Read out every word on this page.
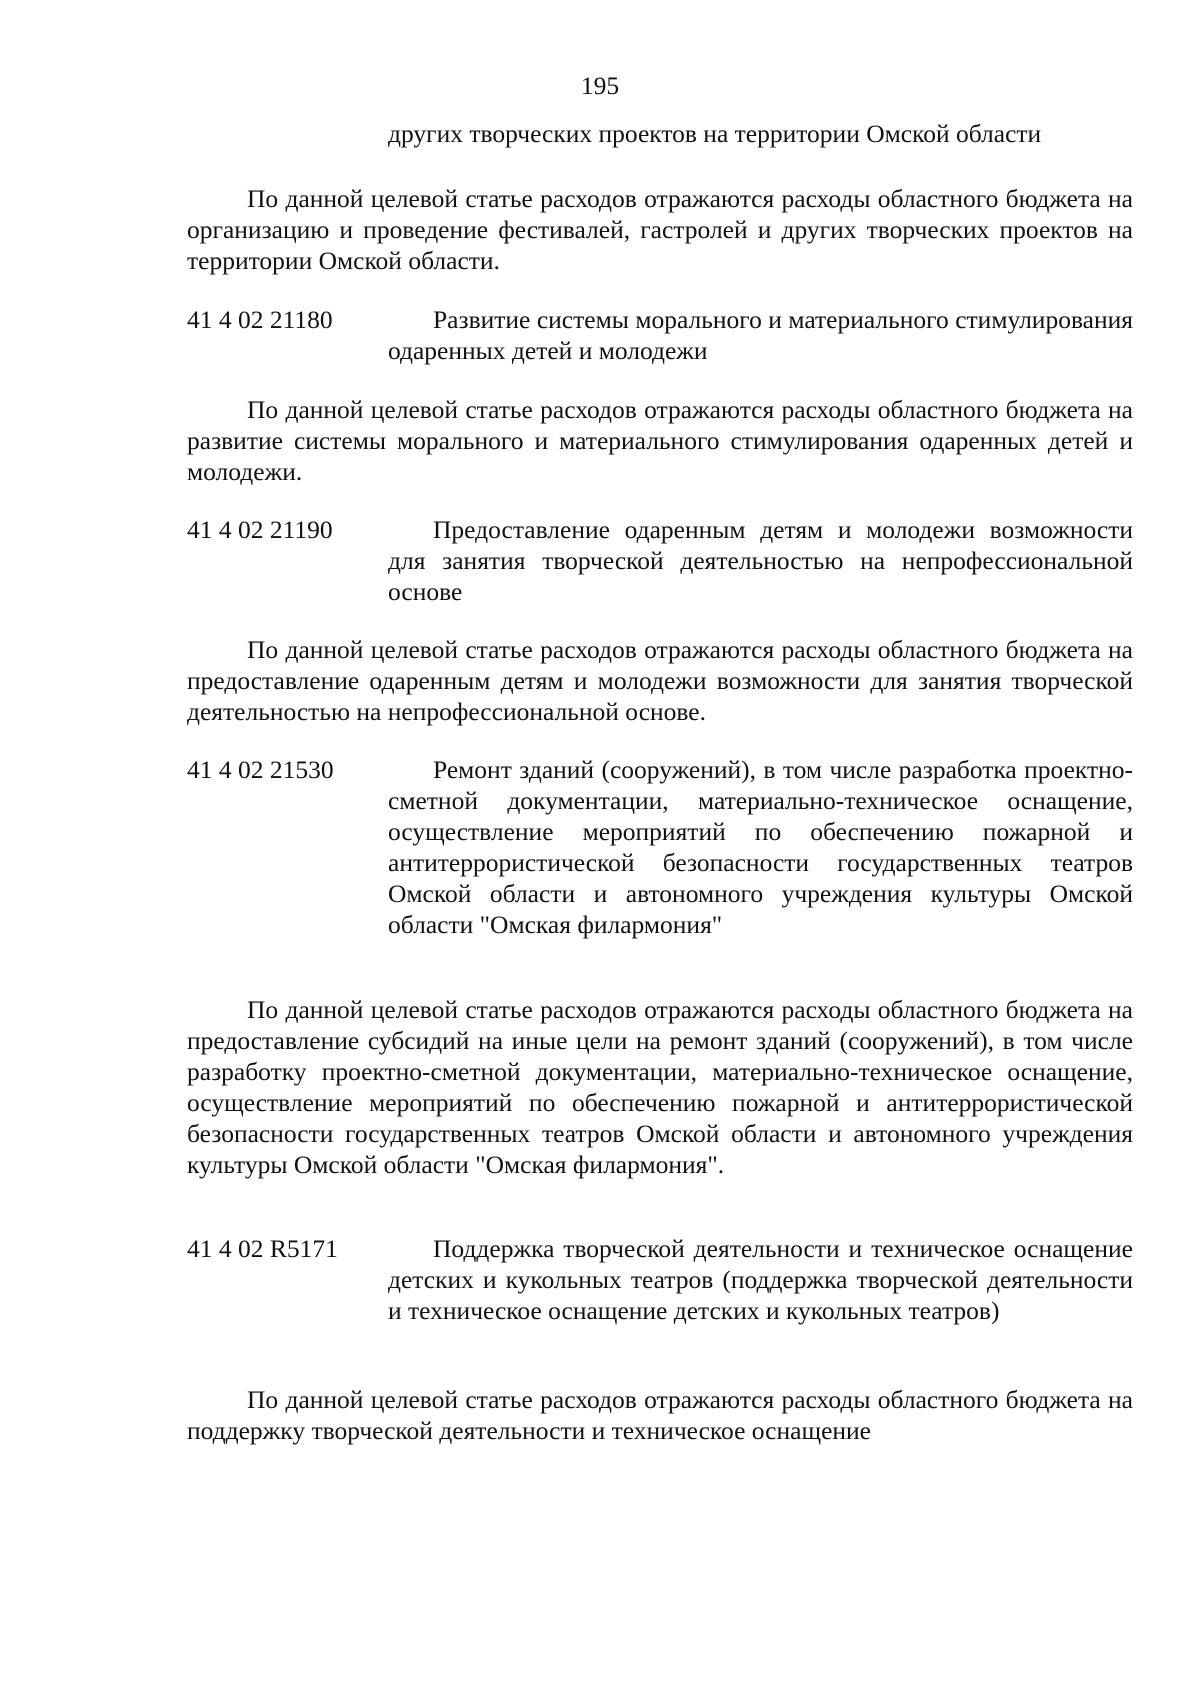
195
других творческих проектов на территории Омской области
По данной целевой статье расходов отражаются расходы областного бюджета на организацию и проведение фестивалей, гастролей и других творческих проектов на территории Омской области.
41 4 02 21180	Развитие системы морального и материального стимулирования одаренных детей и молодежи
По данной целевой статье расходов отражаются расходы областного бюджета на развитие системы морального и материального стимулирования одаренных детей и молодежи.
41 4 02 21190	Предоставление одаренным детям и молодежи возможности для занятия творческой деятельностью на непрофессиональной основе
По данной целевой статье расходов отражаются расходы областного бюджета на предоставление одаренным детям и молодежи возможности для занятия творческой деятельностью на непрофессиональной основе.
41 4 02 21530	Ремонт зданий (сооружений), в том числе разработка проектно-сметной документации, материально-техническое оснащение, осуществление мероприятий по обеспечению пожарной и антитеррористической безопасности государственных театров Омской области и автономного учреждения культуры Омской области "Омская филармония"
По данной целевой статье расходов отражаются расходы областного бюджета на предоставление субсидий на иные цели на ремонт зданий (сооружений), в том числе разработку проектно-сметной документации, материально-техническое оснащение, осуществление мероприятий по обеспечению пожарной и антитеррористической безопасности государственных театров Омской области и автономного учреждения культуры Омской области "Омская филармония".
41 4 02 R5171	Поддержка творческой деятельности и техническое оснащение детских и кукольных театров (поддержка творческой деятельности и техническое оснащение детских и кукольных театров)
По данной целевой статье расходов отражаются расходы областного бюджета на поддержку творческой деятельности и техническое оснащение
